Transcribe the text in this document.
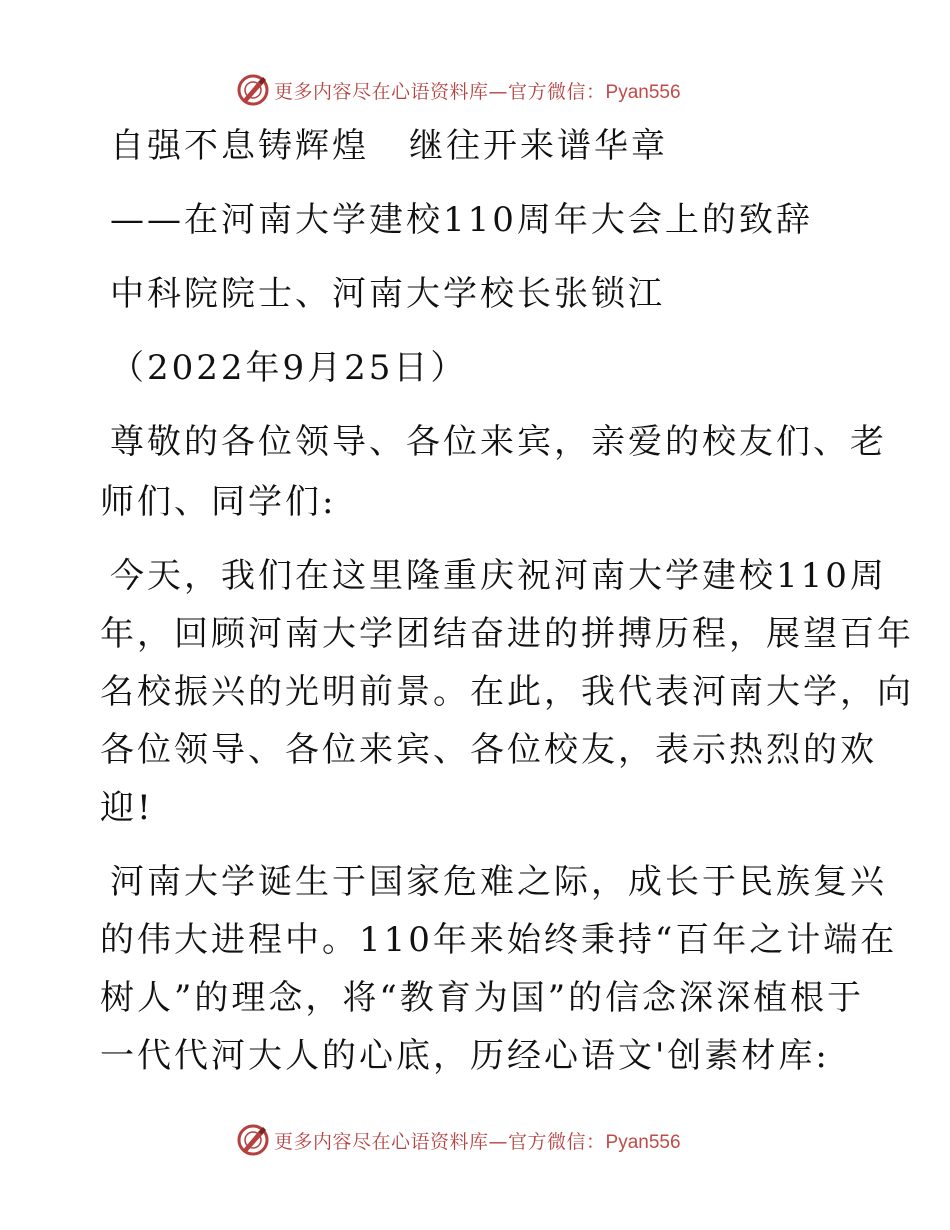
更多内容尽在心语资料库—官方微信：Pyan556
自强不息铸辉煌 继往开来谱华章
——在河南大学建校110周年大会上的致辞
中科院院士、河南大学校长张锁江
（2022年9月25日）
尊敬的各位领导、各位来宾，亲爱的校友们、老
师们、同学们:
今天，我们在这里隆重庆祝河南大学建校110周
年，回顾河南大学团结奋进的拼搏历程，展望百年
名校振兴的光明前景。在此，我代表河南大学，向
各位领导、各位来宾、各位校友，表示热烈的欢
迎!
河南大学诞生于国家危难之际，成长于民族复兴
的伟大进程中。110年来始终秉持“百年之计端在
树人”的理念，将“教育为国”的信念深深植根于
一代代河大人的心底，历经心语文'创素材库:
更多内容尽在心语资料库—官方微信：Pyan556
